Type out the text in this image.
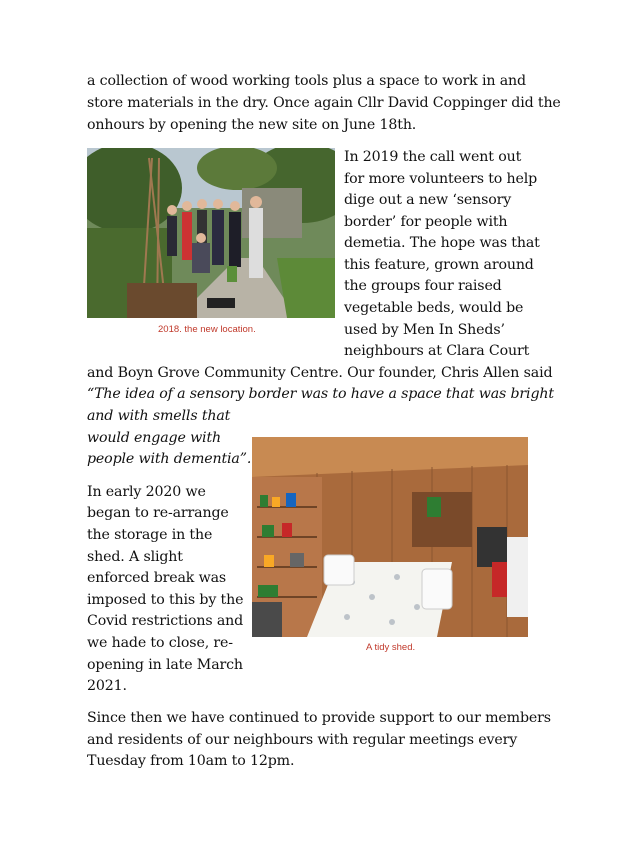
a collection of wood working tools plus a space to work in and
store materials in the dry. Once again Cllr David Coppinger did the
onhours by opening the new site on June 18th.
2018. the new location.
In 2019 the call went out
for more volunteers to help
dige out a new ‘sensory
border’ for people with
demetia. The hope was that
this feature, grown around
the groups four raised
vegetable beds, would be
used by Men In Sheds’
neighbours at Clara Court
and Boyn Grove Community Centre. Our founder, Chris Allen said
“The idea of a sensory border was to have a space that was bright
and with smells that
would engage with
people with dementia”.
A tidy shed.
In early 2020 we
began to re-arrange
the storage in the
shed. A slight
enforced break was
imposed to this by the
Covid restrictions and
we hade to close, re-
opening in late March
2021.
Since then we have continued to provide support to our members
and residents of our neighbours with regular meetings every
Tuesday from 10am to 12pm.
